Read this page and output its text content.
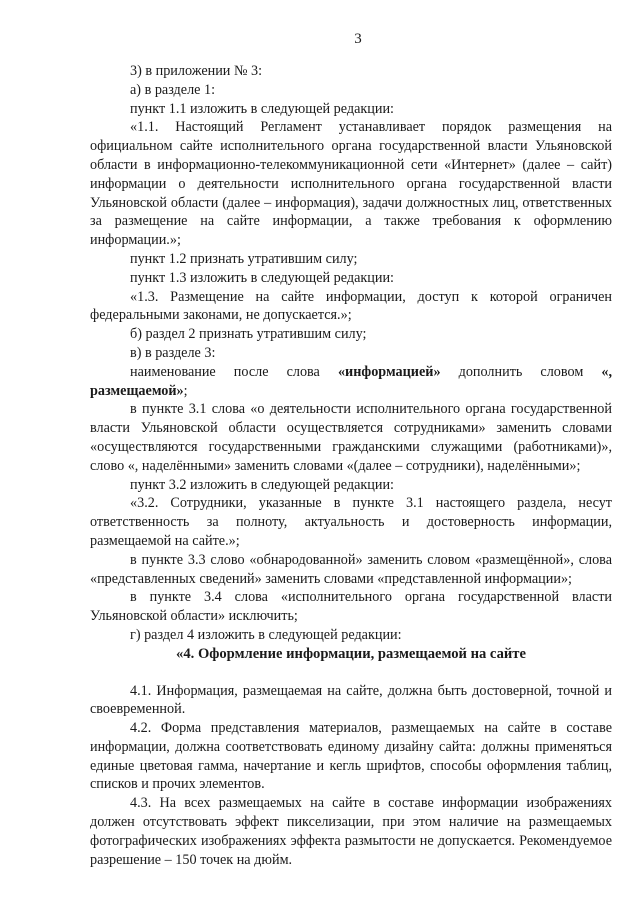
3

3) в приложении № 3:

а) в разделе 1:

пункт 1.1 изложить в следующей редакции:

«1.1. Настоящий Регламент устанавливает порядок размещения на официальном сайте исполнительного органа государственной власти Ульяновской области в информационно-телекоммуникационной сети «Интернет» (далее – сайт) информации о деятельности исполнительного органа государственной власти Ульяновской области (далее – информация), задачи должностных лиц, ответственных за размещение на сайте информации, а также требования к оформлению информации.»;

пункт 1.2 признать утратившим силу;

пункт 1.3 изложить в следующей редакции:

«1.3. Размещение на сайте информации, доступ к которой ограничен федеральными законами, не допускается.»;

б) раздел 2 признать утратившим силу;

в) в разделе 3:

наименование после слова «информацией» дополнить словом «, размещаемой»;

в пункте 3.1 слова «о деятельности исполнительного органа государственной власти Ульяновской области осуществляется сотрудниками» заменить словами «осуществляются государственными гражданскими служащими (работниками)», слово «, наделёнными» заменить словами «(далее – сотрудники), наделёнными»;

пункт 3.2 изложить в следующей редакции:

«3.2. Сотрудники, указанные в пункте 3.1 настоящего раздела, несут ответственность за полноту, актуальность и достоверность информации, размещаемой на сайте.»;

в пункте 3.3 слово «обнародованной» заменить словом «размещённой», слова «представленных сведений» заменить словами «представленной информации»;

в пункте 3.4 слова «исполнительного органа государственной власти Ульяновской области» исключить;

г) раздел 4 изложить в следующей редакции:

«4. Оформление информации, размещаемой на сайте

4.1. Информация, размещаемая на сайте, должна быть достоверной, точной и своевременной.

4.2. Форма представления материалов, размещаемых на сайте в составе информации, должна соответствовать единому дизайну сайта: должны применяться единые цветовая гамма, начертание и кегль шрифтов, способы оформления таблиц, списков и прочих элементов.

4.3. На всех размещаемых на сайте в составе информации изображениях должен отсутствовать эффект пикселизации, при этом наличие на размещаемых фотографических изображениях эффекта размытости не допускается. Рекомендуемое разрешение – 150 точек на дюйм.
